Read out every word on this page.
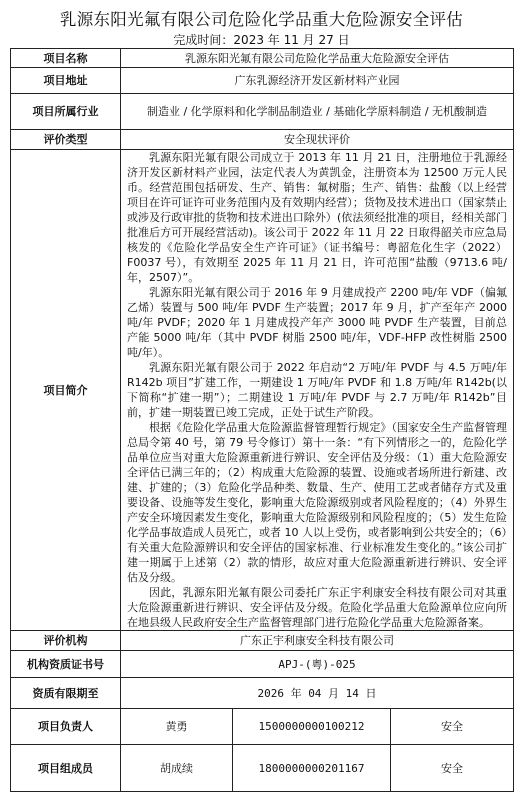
乳源东阳光氟有限公司危险化学品重大危险源安全评估
完成时间：2023 年 11 月 27 日
项目名称	乳源东阳光氟有限公司危险化学品重大危险源安全评估		
项目地址	广东乳源经济开发区新材料产业园		
项目所属行业	制造业 / 化学原料和化学制品制造业 / 基础化学原料制造 / 无机酸制造		
评价类型	安全现状评价		
项目简介	乳源东阳光氟有限公司成立于 2013 年 11 月 21 日，注册地位于乳源经济开发区新材料产业园，法定代表人为黄凯金，注册资本为 12500 万元人民币。经营范围包括研发、生产、销售：氟树脂；生产、销售：盐酸（以上经营项目在许可证许可业务范围内及有效期内经营）；货物及技术进出口（国家禁止或涉及行政审批的货物和技术进出口除外）(依法须经批准的项目，经相关部门批准后方可开展经营活动)。该公司于 2022 年 11 月 22 日取得韶关市应急局核发的《危险化学品安全生产许可证》（证书编号：粤韶危化生字（2022）F0037 号），有效期至 2025 年 11 月 21 日，许可范围“盐酸（9713.6 吨/年，2507）”。

乳源东阳光氟有限公司于 2016 年 9 月建成投产 2200 吨/年 VDF（偏氟乙烯）装置与 500 吨/年 PVDF 生产装置；2017 年 9 月，扩产至年产 2000 吨/年 PVDF；2020 年 1 月建成投产年产 3000 吨 PVDF 生产装置，目前总产能 5000 吨/年（其中 PVDF 树脂 2500 吨/年，VDF-HFP 改性树脂 2500 吨/年）。

乳源东阳光氟有限公司于 2022 年启动“2 万吨/年 PVDF 与 4.5 万吨/年 R142b 项目”扩建工作，一期建设 1 万吨/年 PVDF 和 1.8 万吨/年 R142b(以下简称“扩建一期”）；二期建设 1 万吨/年 PVDF 与 2.7 万吨/年 R142b”目前，扩建一期装置已竣工完成，正处于试生产阶段。

根据《危险化学品重大危险源监督管理暂行规定》（国家安全生产监督管理总局令第 40 号，第 79 号令修订）第十一条：“有下列情形之一的，危险化学品单位应当对重大危险源重新进行辨识、安全评估及分级：（1）重大危险源安全评估已满三年的；（2）构成重大危险源的装置、设施或者场所进行新建、改建、扩建的；（3）危险化学品种类、数量、生产、使用工艺或者储存方式及重要设备、设施等发生变化，影响重大危险源级别或者风险程度的；（4）外界生产安全环境因素发生变化，影响重大危险源级别和风险程度的；（5）发生危险化学品事故造成人员死亡，或者 10 人以上受伤，或者影响到公共安全的；（6）有关重大危险源辨识和安全评估的国家标准、行业标准发生变化的。”该公司扩建一期属于上述第（2）款的情形，故应对重大危险源重新进行辨识、安全评估及分级。

因此，乳源东阳光氟有限公司委托广东正宇利康安全科技有限公司对其重大危险源重新进行辨识、安全评估及分级。危险化学品重大危险源单位应向所在地县级人民政府安全生产监督管理部门进行危险化学品重大危险源备案。		

评价机构	广东正宇利康安全科技有限公司		
机构资质证书号	APJ-(粤)-025		
资质有限期至	2026 年 04 月 14 日		
项目负责人	黄勇	1500000000100212	安全
项目组成员	胡成续	1800000000201167	安全
